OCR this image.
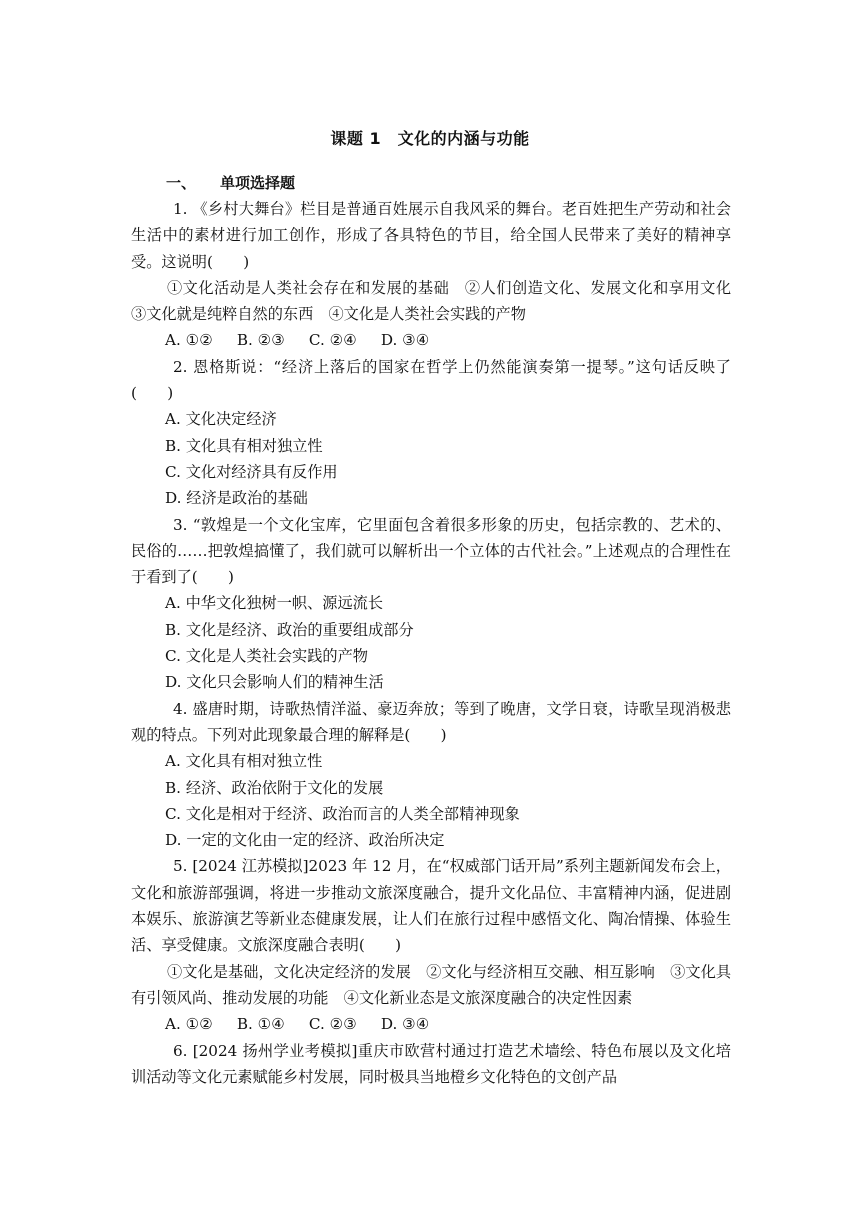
课题 1　文化的内涵与功能
一、 单项选择题

1. 《乡村大舞台》栏目是普通百姓展示自我风采的舞台。老百姓把生产劳动和社会生活中的素材进行加工创作，形成了各具特色的节目，给全国人民带来了美好的精神享受。这说明(　　)

①文化活动是人类社会存在和发展的基础　②人们创造文化、发展文化和享用文化　③文化就是纯粹自然的东西　④文化是人类社会实践的产物

A. ①② B. ②③ C. ②④ D. ③④

2. 恩格斯说：“经济上落后的国家在哲学上仍然能演奏第一提琴。”这句话反映了(　　)

A. 文化决定经济

B. 文化具有相对独立性

C. 文化对经济具有反作用

D. 经济是政治的基础

3. “敦煌是一个文化宝库，它里面包含着很多形象的历史，包括宗教的、艺术的、民俗的……把敦煌搞懂了，我们就可以解析出一个立体的古代社会。”上述观点的合理性在于看到了(　　)

A. 中华文化独树一帜、源远流长

B. 文化是经济、政治的重要组成部分

C. 文化是人类社会实践的产物

D. 文化只会影响人们的精神生活

4. 盛唐时期，诗歌热情洋溢、豪迈奔放；等到了晚唐，文学日衰，诗歌呈现消极悲观的特点。下列对此现象最合理的解释是(　　)

A. 文化具有相对独立性

B. 经济、政治依附于文化的发展

C. 文化是相对于经济、政治而言的人类全部精神现象

D. 一定的文化由一定的经济、政治所决定

5. [2024 江苏模拟]2023 年 12 月，在“权威部门话开局”系列主题新闻发布会上，文化和旅游部强调，将进一步推动文旅深度融合，提升文化品位、丰富精神内涵，促进剧本娱乐、旅游演艺等新业态健康发展，让人们在旅行过程中感悟文化、陶冶情操、体验生活、享受健康。文旅深度融合表明(　　)

①文化是基础，文化决定经济的发展　②文化与经济相互交融、相互影响　③文化具有引领风尚、推动发展的功能　④文化新业态是文旅深度融合的决定性因素

A. ①② B. ①④ C. ②③ D. ③④

6. [2024 扬州学业考模拟]重庆市欧营村通过打造艺术墙绘、特色布展以及文化培训活动等文化元素赋能乡村发展，同时极具当地橙乡文化特色的文创产品
